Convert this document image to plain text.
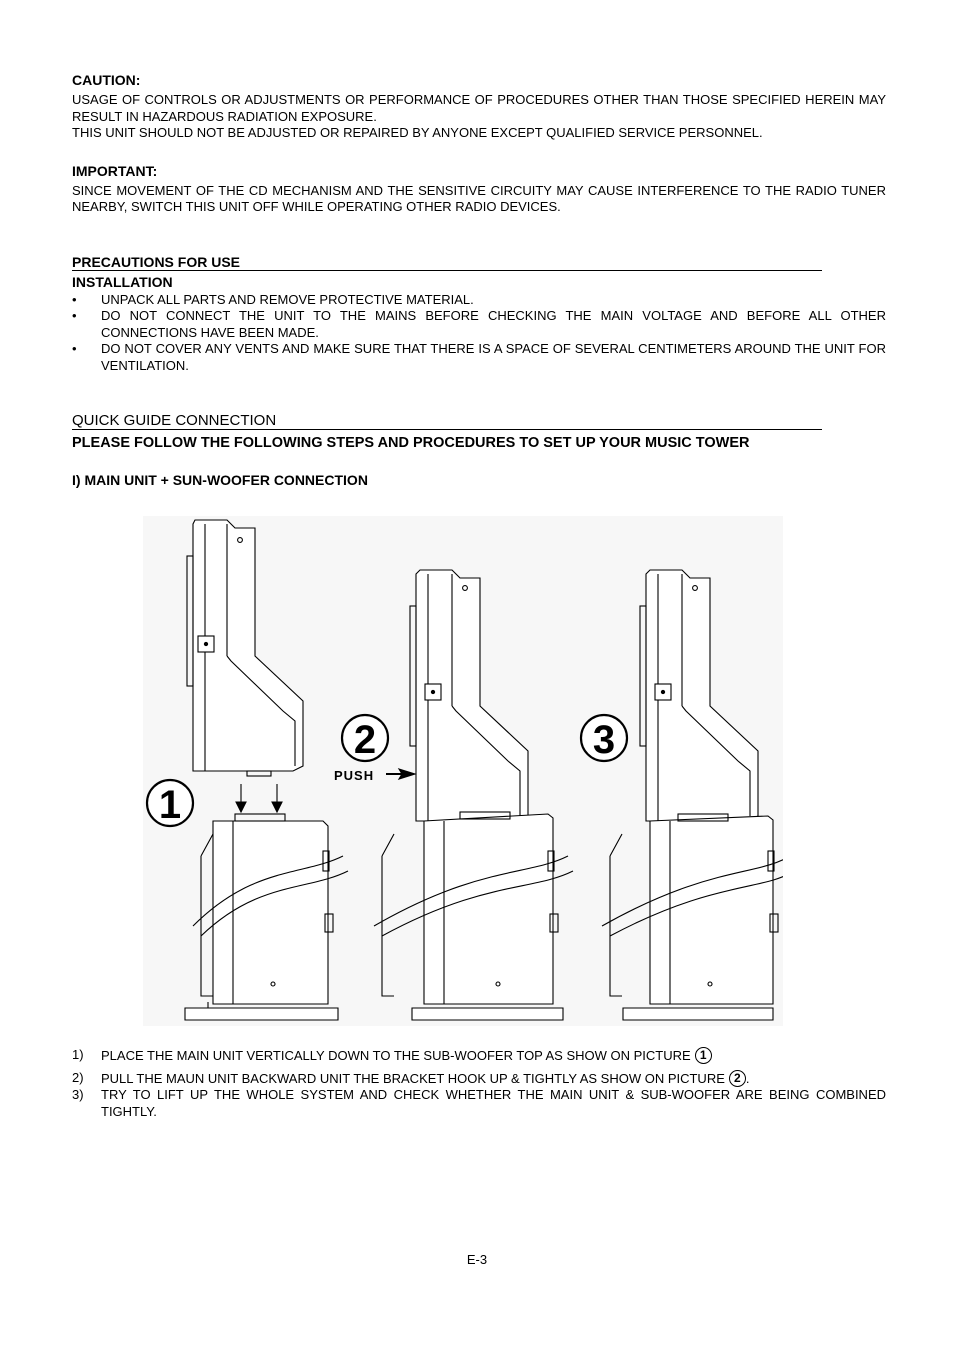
CAUTION:

USAGE OF CONTROLS OR ADJUSTMENTS OR PERFORMANCE OF PROCEDURES OTHER THAN THOSE SPECIFIED HEREIN MAY RESULT IN HAZARDOUS RADIATION EXPOSURE.

THIS UNIT SHOULD NOT BE ADJUSTED OR REPAIRED BY ANYONE EXCEPT QUALIFIED SERVICE PERSONNEL.

IMPORTANT:

SINCE MOVEMENT OF THE CD MECHANISM AND THE SENSITIVE CIRCUITY MAY CAUSE INTERFERENCE TO THE RADIO TUNER NEARBY, SWITCH THIS UNIT OFF WHILE OPERATING OTHER RADIO DEVICES.

PRECAUTIONS FOR USE

INSTALLATION

• UNPACK ALL PARTS AND REMOVE PROTECTIVE MATERIAL.
• DO NOT CONNECT THE UNIT TO THE MAINS BEFORE CHECKING THE MAIN VOLTAGE AND BEFORE ALL OTHER CONNECTIONS HAVE BEEN MADE.
• DO NOT COVER ANY VENTS AND MAKE SURE THAT THERE IS A SPACE OF SEVERAL CENTIMETERS AROUND THE UNIT FOR VENTILATION.

QUICK GUIDE CONNECTION

PLEASE FOLLOW THE FOLLOWING STEPS AND PROCEDURES TO SET UP YOUR MUSIC TOWER

I) MAIN UNIT + SUN-WOOFER CONNECTION

1
2	3
PUSH
1) PLACE THE MAIN UNIT VERTICALLY DOWN TO THE SUB-WOOFER TOP AS SHOW ON PICTURE 1
2) PULL THE MAUN UNIT BACKWARD UNIT THE BRACKET HOOK UP & TIGHTLY AS SHOW ON PICTURE 2 .
3) TRY TO LIFT UP THE WHOLE SYSTEM AND CHECK WHETHER THE MAIN UNIT & SUB-WOOFER ARE BEING COMBINED TIGHTLY.
E-3
